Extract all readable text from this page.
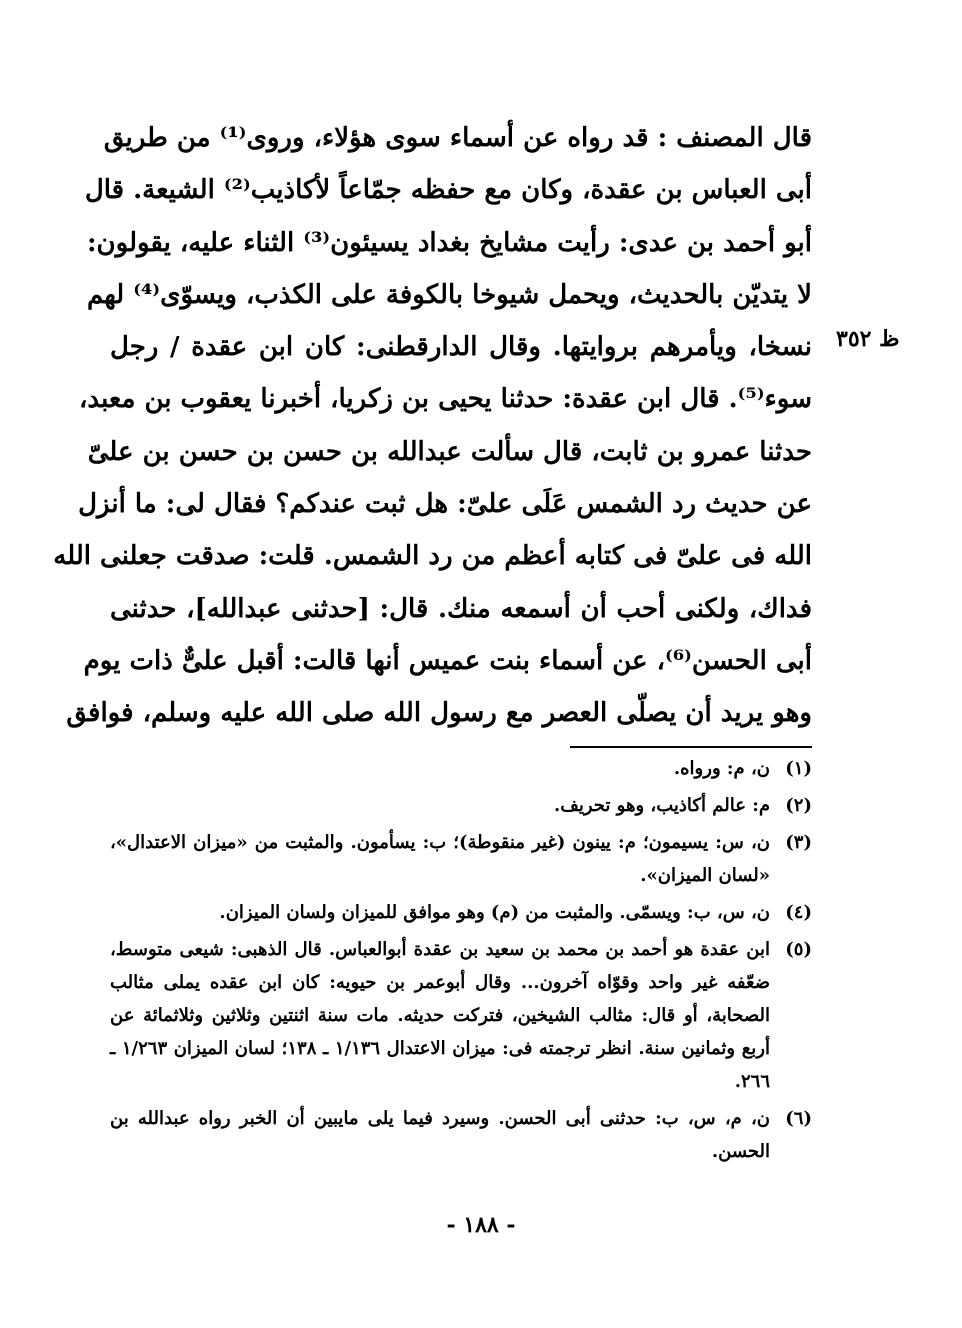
قال المصنف : قد رواه عن أسماء سوى هؤلاء، وروى⁽¹⁾ من طريق
أبى العباس بن عقدة، وكان مع حفظه جمّاعاً لأكاذيب⁽²⁾ الشيعة. قال
أبو أحمد بن عدى: رأيت مشايخ بغداد يسيئون⁽³⁾ الثناء عليه، يقولون:
لا يتديّن بالحديث، ويحمل شيوخا بالكوفة على الكذب، ويسوّى⁽⁴⁾ لهم
نسخا، ويأمرهم بروايتها. وقال الدارقطنى: كان ابن عقدة / رجل
سوء⁽⁵⁾. قال ابن عقدة: حدثنا يحيى بن زكريا، أخبرنا يعقوب بن معبد،
حدثنا عمرو بن ثابت، قال سألت عبدالله بن حسن بن حسن بن علىّ
عن حديث رد الشمس عَلَى علىّ: هل ثبت عندكم؟ فقال لى: ما أنزل
الله فى علىّ فى كتابه أعظم من رد الشمس. قلت: صدقت جعلنى الله
فداك، ولكنى أحب أن أسمعه منك. قال: [حدثنى عبدالله]، حدثنى
أبى الحسن⁽⁶⁾، عن أسماء بنت عميس أنها قالت: أقبل علىٌّ ذات يوم
وهو يريد أن يصلّى العصر مع رسول الله صلى الله عليه وسلم، فوافق
ظ ٣٥٢
(١)
ن، م: ورواه.
(٢)
م: عالم أكاذيب، وهو تحريف.
(٣)
ن، س: يسيمون؛ م: يينون (غير منقوطة)؛ ب: يسأمون. والمثبت من «ميزان الاعتدال»، «لسان الميزان».
(٤)
ن، س، ب: ويسمّى. والمثبت من (م) وهو موافق للميزان ولسان الميزان.
(٥)
ابن عقدة هو أحمد بن محمد بن سعيد بن عقدة أبوالعباس. قال الذهبى: شيعى متوسط، ضعّفه غير واحد وقوّاه آخرون... وقال أبوعمر بن حيويه: كان ابن عقده يملى مثالب الصحابة، أو قال: مثالب الشيخين، فتركت حديثه. مات سنة اثنتين وثلاثين وثلاثمائة عن أربع وثمانين سنة. انظر ترجمته فى: ميزان الاعتدال ١/١٣٦ ـ ١٣٨؛ لسان الميزان ١/٢٦٣ ـ ٢٦٦.
(٦)
ن، م، س، ب: حدثنى أبى الحسن. وسيرد فيما يلى مايبين أن الخبر رواه عبدالله بن الحسن.
- ١٨٨ -
